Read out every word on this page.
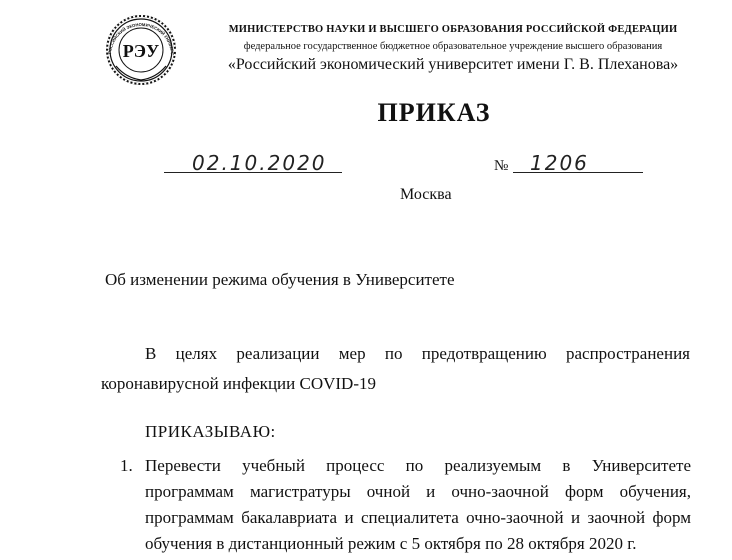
РОССИЙСКИЙ ЭКОНОМИЧЕСКИЙ УНИВЕРС
РЭУ
МИНИСТЕРСТВО НАУКИ И ВЫСШЕГО ОБРАЗОВАНИЯ РОССИЙСКОЙ ФЕДЕРАЦИИ
федеральное государственное бюджетное образовательное учреждение высшего образования
«Российский экономический университет имени Г. В. Плеханова»
ПРИКАЗ
02.10.2020	№ 1206
Москва
Об изменении режима обучения в Университете
В целях реализации мер по предотвращению распространения
коронавирусной инфекции COVID-19
ПРИКАЗЫВАЮ:
1. Перевести учебный процесс по реализуемым в Университете
программам магистратуры очной и очно-заочной форм обучения,
программам бакалавриата и специалитета очно-заочной и заочной форм
обучения в дистанционный режим с 5 октября по 28 октября 2020 г.
